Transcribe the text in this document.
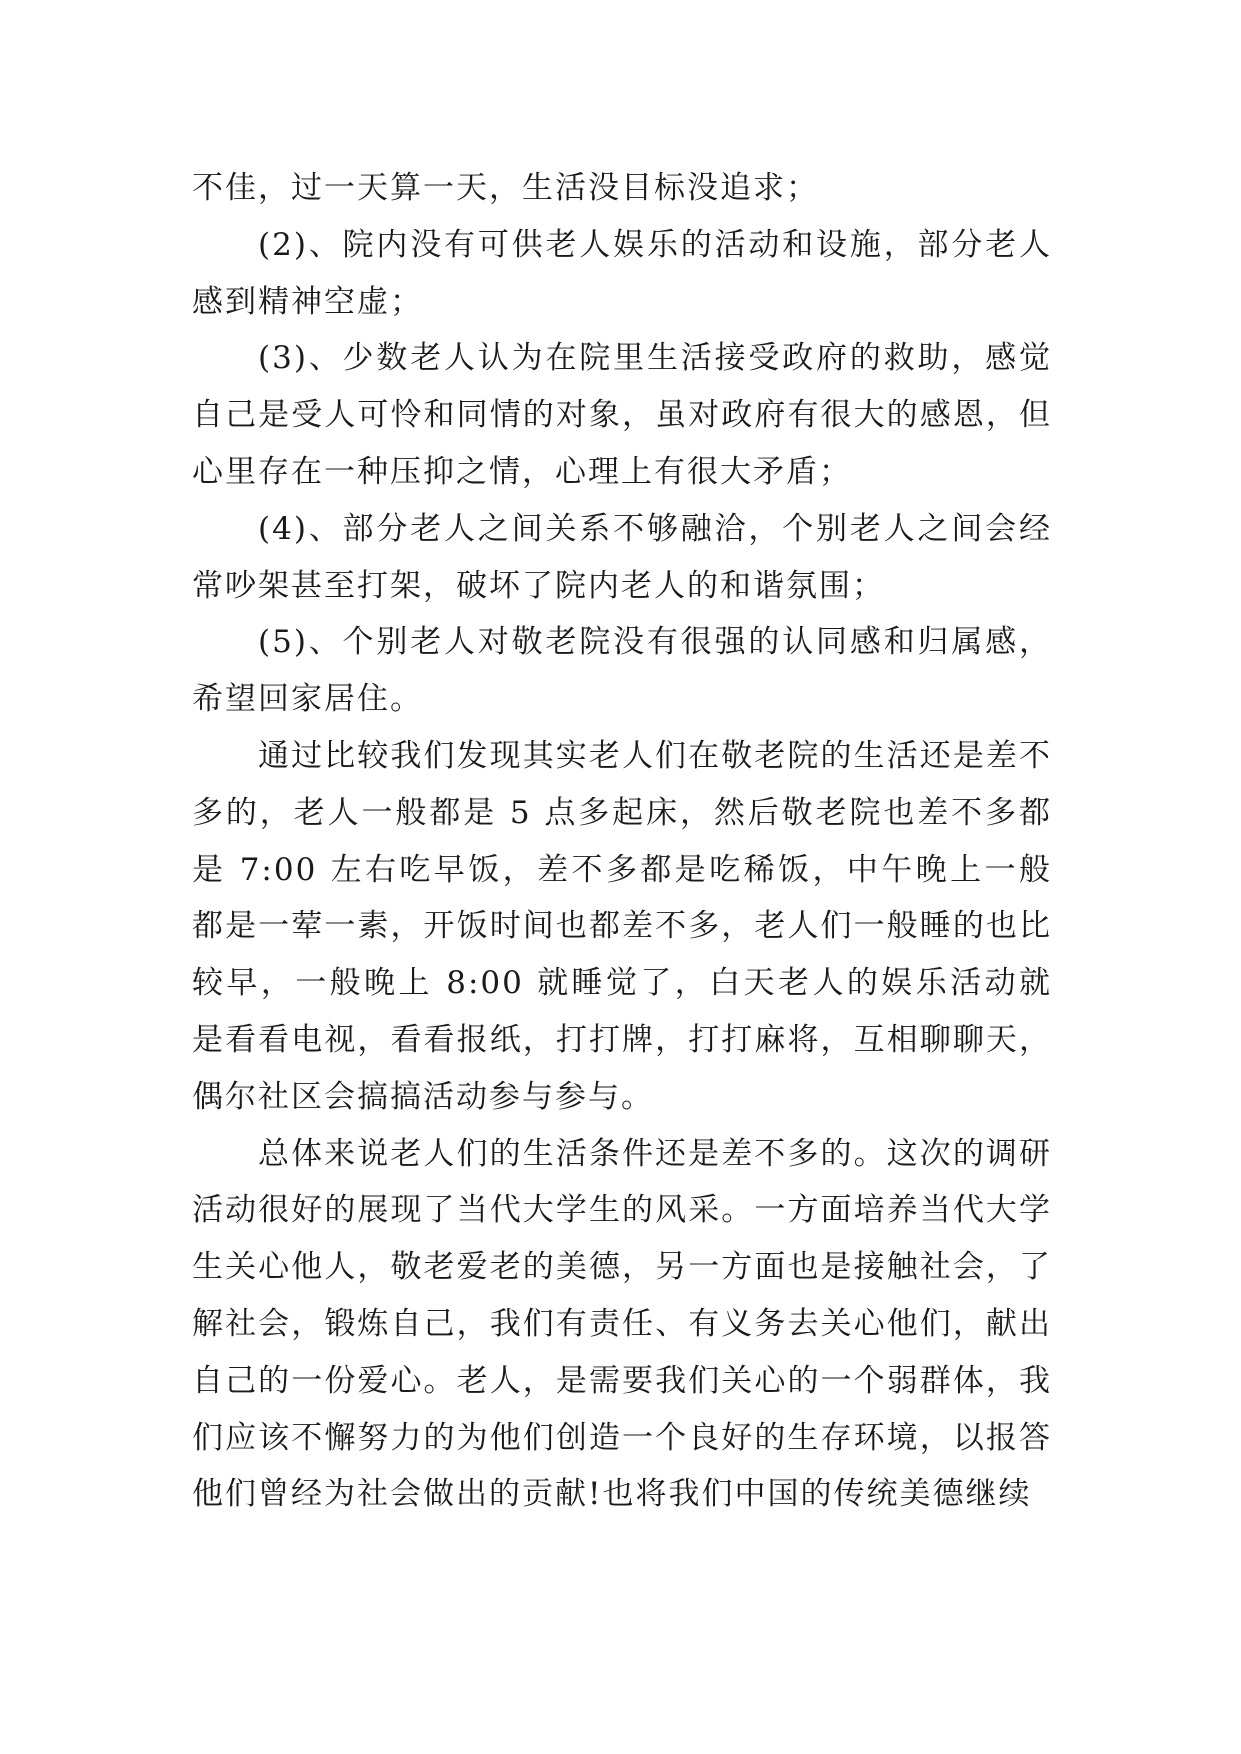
不佳，过一天算一天，生活没目标没追求；

(2)、院内没有可供老人娱乐的活动和设施，部分老人感到精神空虚；

(3)、少数老人认为在院里生活接受政府的救助，感觉自己是受人可怜和同情的对象，虽对政府有很大的感恩，但心里存在一种压抑之情，心理上有很大矛盾；

(4)、部分老人之间关系不够融洽，个别老人之间会经常吵架甚至打架，破坏了院内老人的和谐氛围；

(5)、个别老人对敬老院没有很强的认同感和归属感，希望回家居住。

通过比较我们发现其实老人们在敬老院的生活还是差不多的，老人一般都是 5 点多起床，然后敬老院也差不多都是 7:00 左右吃早饭，差不多都是吃稀饭，中午晚上一般都是一荤一素，开饭时间也都差不多，老人们一般睡的也比较早，一般晚上 8:00 就睡觉了，白天老人的娱乐活动就是看看电视，看看报纸，打打牌，打打麻将，互相聊聊天，偶尔社区会搞搞活动参与参与。

总体来说老人们的生活条件还是差不多的。这次的调研活动很好的展现了当代大学生的风采。一方面培养当代大学生关心他人，敬老爱老的美德，另一方面也是接触社会，了解社会，锻炼自己，我们有责任、有义务去关心他们，献出自己的一份爱心。老人，是需要我们关心的一个弱群体，我们应该不懈努力的为他们创造一个良好的生存环境，以报答他们曾经为社会做出的贡献!也将我们中国的传统美德继续
